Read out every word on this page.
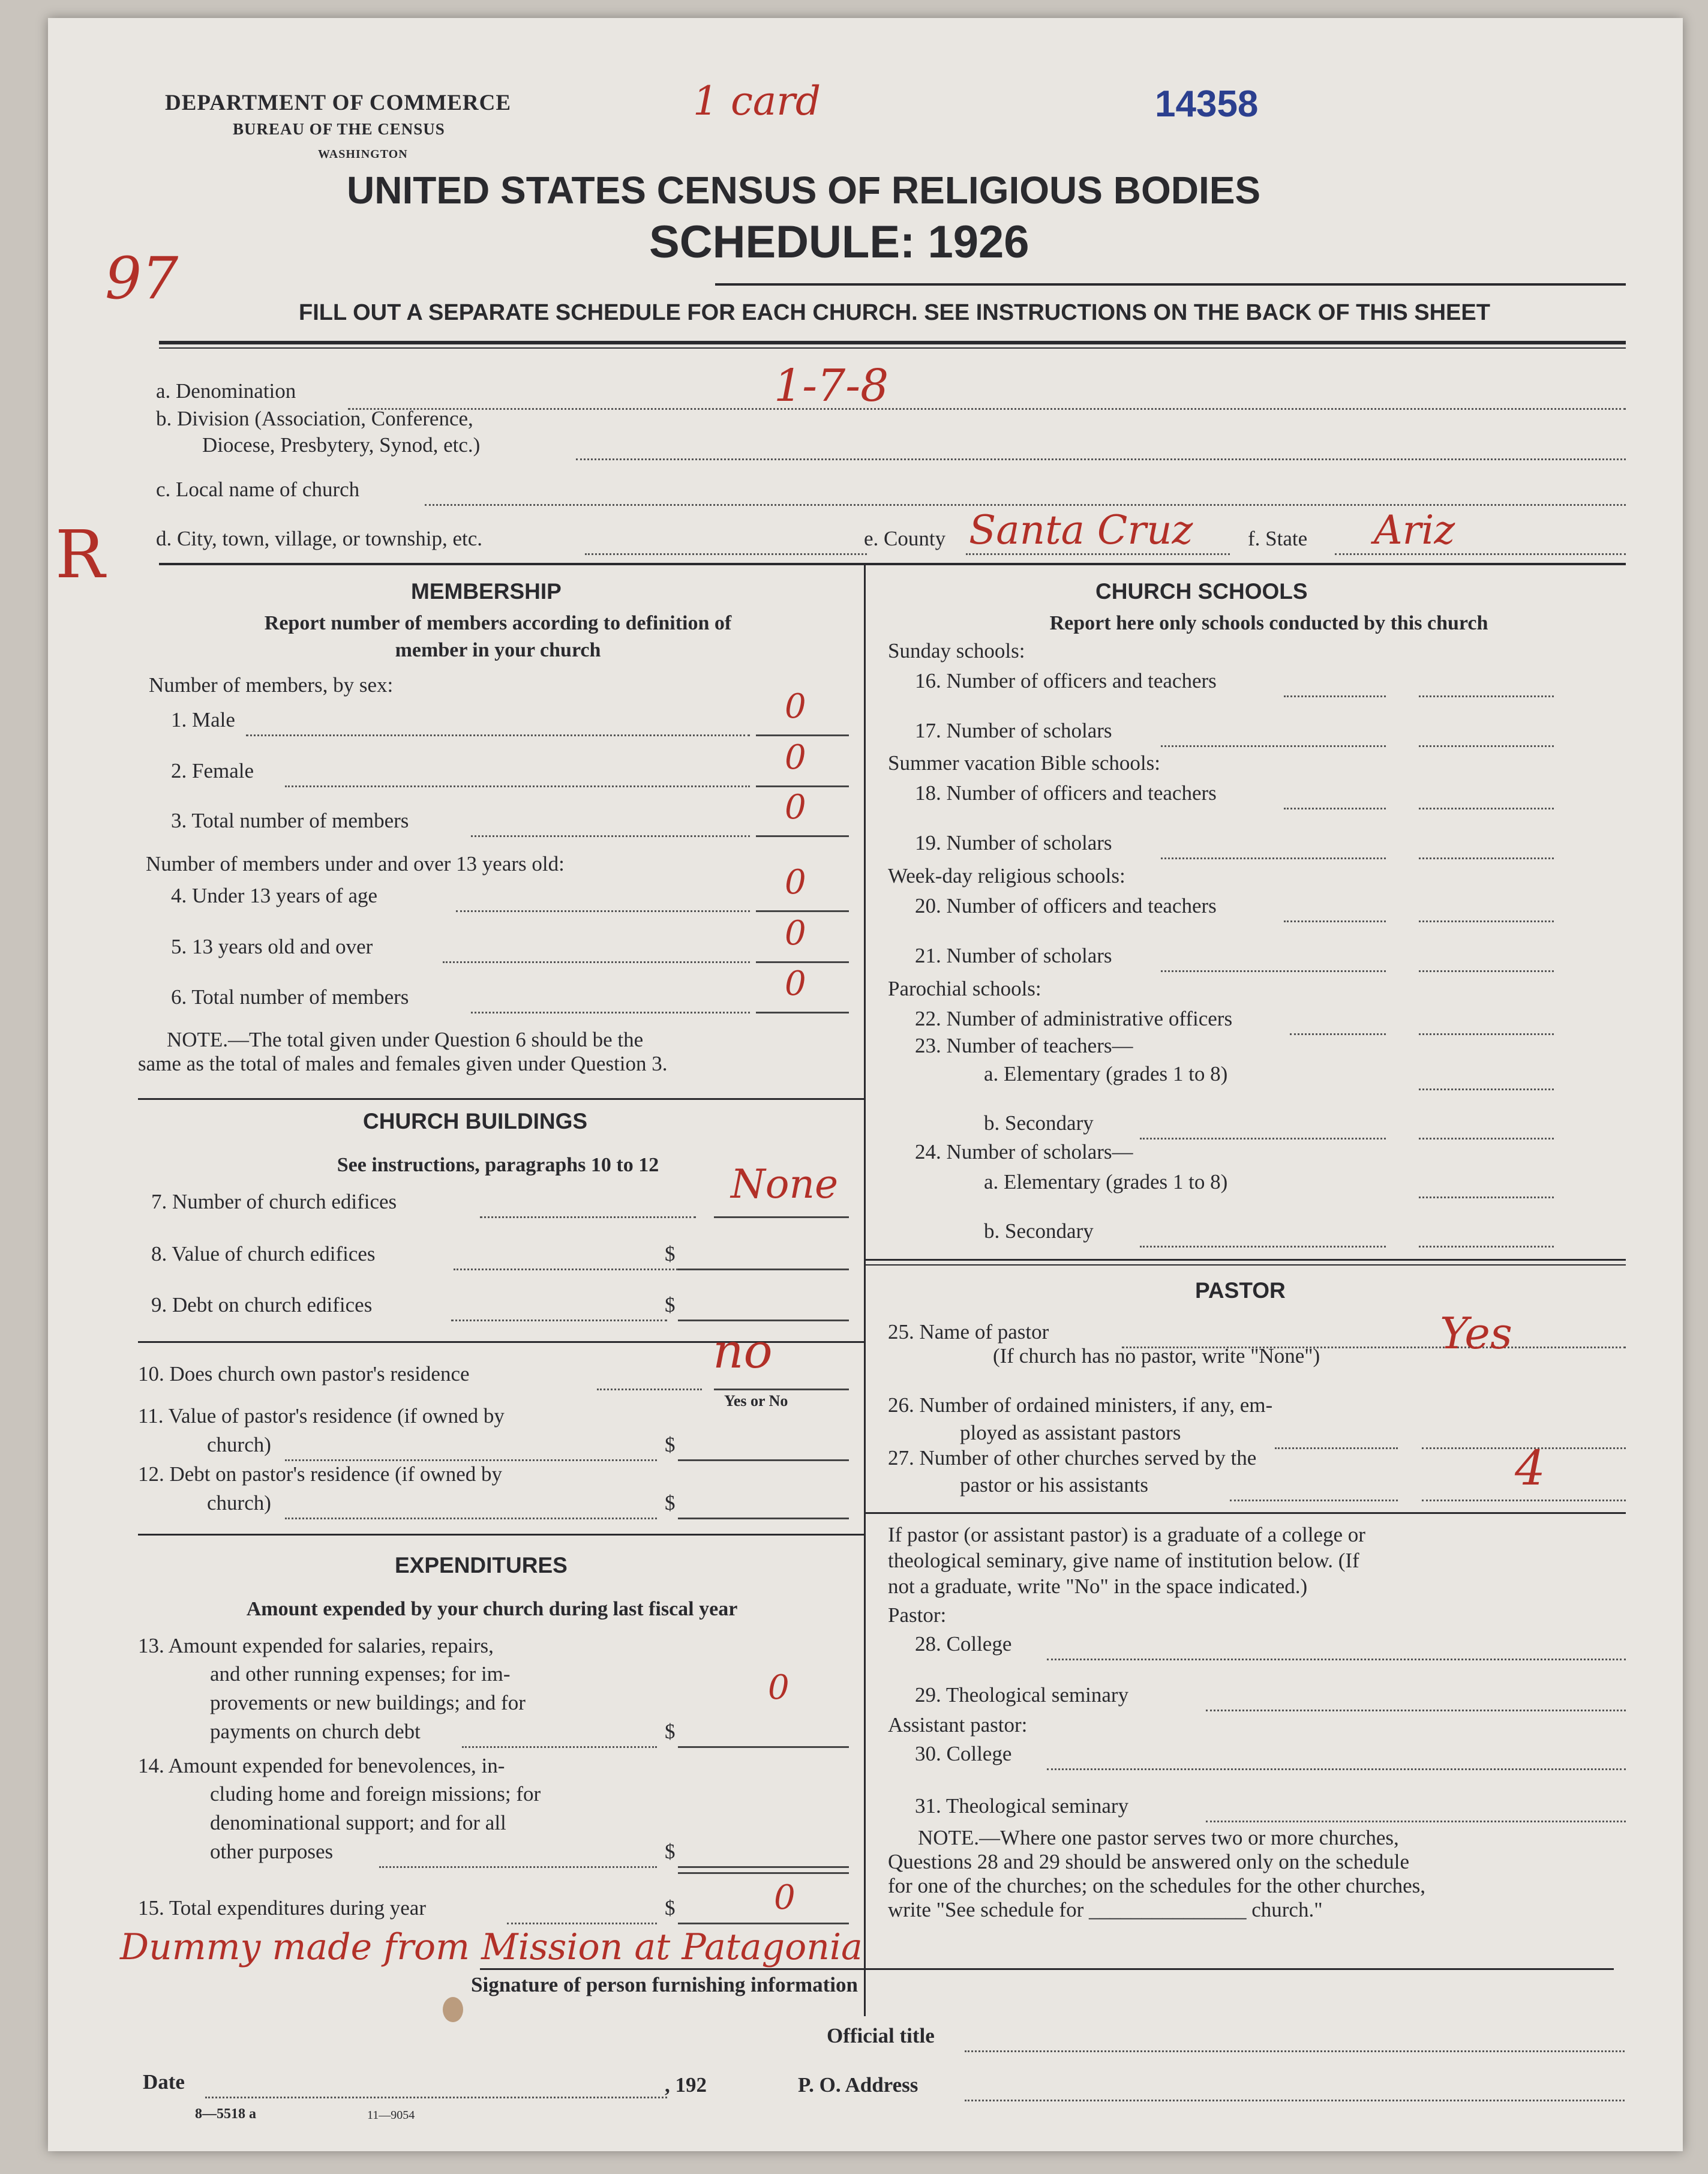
DEPARTMENT OF COMMERCE
BUREAU OF THE CENSUS
WASHINGTON
1 card	14358
UNITED STATES CENSUS OF RELIGIOUS BODIES
SCHEDULE: 1926
97
FILL OUT A SEPARATE SCHEDULE FOR EACH CHURCH. SEE INSTRUCTIONS ON THE BACK OF THIS SHEET
a. Denomination	1-7-8
b. Division (Association, Conference,
Diocese, Presbytery, Synod, etc.)
c. Local name of church
R d. City, town, village, or township, etc.	e. County Santa Cruz	f. State Ariz
MEMBERSHIP
Report number of members according to definition of
member in your church
Number of members, by sex:
1. Male	0
2. Female	0
3. Total number of members	0
Number of members under and over 13 years old:
4. Under 13 years of age	0
5. 13 years old and over	0
6. Total number of members	0
NOTE.—The total given under Question 6 should be the
same as the total of males and females given under Question 3.
CHURCH BUILDINGS
See instructions, paragraphs 10 to 12
7. Number of church edifices	None
8. Value of church edifices	$
9. Debt on church edifices	$
10. Does church own pastor's residence	no
Yes or No
11. Value of pastor's residence (if owned by
church)	$
12. Debt on pastor's residence (if owned by
church)	$
EXPENDITURES
Amount expended by your church during last fiscal year
13. Amount expended for salaries, repairs,
and other running expenses; for im-
provements or new buildings; and for
payments on church debt	$
0
14. Amount expended for benevolences, in-
cluding home and foreign missions; for
denominational support; and for all
other purposes	$
15. Total expenditures during year	$	0
CHURCH SCHOOLS
Report here only schools conducted by this church
Sunday schools:
16. Number of officers and teachers
17. Number of scholars
Summer vacation Bible schools:
18. Number of officers and teachers
19. Number of scholars
Week-day religious schools:
20. Number of officers and teachers
21. Number of scholars
Parochial schools:
22. Number of administrative officers
23. Number of teachers—
a. Elementary (grades 1 to 8)
b. Secondary
24. Number of scholars—
a. Elementary (grades 1 to 8)
b. Secondary
PASTOR
25. Name of pastor	Yes
(If church has no pastor, write "None")
26. Number of ordained ministers, if any, em-
ployed as assistant pastors
27. Number of other churches served by the
pastor or his assistants	4
If pastor (or assistant pastor) is a graduate of a college or
theological seminary, give name of institution below. (If
not a graduate, write "No" in the space indicated.)
Pastor:
28. College
29. Theological seminary
Assistant pastor:
30. College
31. Theological seminary
NOTE.—Where one pastor serves two or more churches,
Questions 28 and 29 should be answered only on the schedule
for one of the churches; on the schedules for the other churches,
write "See schedule for _______________ church."
Dummy made from Mission at Patagonia
Signature of person furnishing information
Official title
Date	, 192	P. O. Address
8—5518 a	11—9054
